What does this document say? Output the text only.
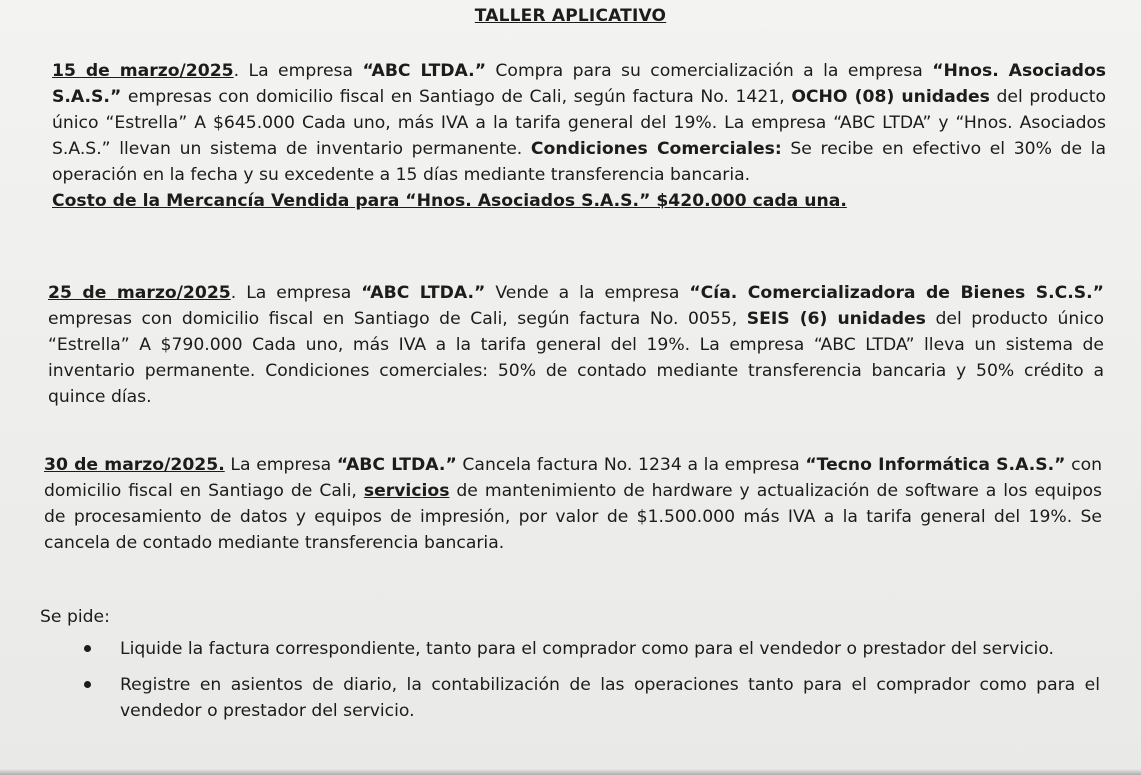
TALLER APLICATIVO
15 de marzo/2025. La empresa “ABC LTDA.” Compra para su comercialización a la empresa “Hnos. Asociados S.A.S.” empresas con domicilio fiscal en Santiago de Cali, según factura No. 1421, OCHO (08) unidades del producto único “Estrella” A $645.000 Cada uno, más IVA a la tarifa general del 19%. La empresa “ABC LTDA” y “Hnos. Asociados S.A.S.” llevan un sistema de inventario permanente. Condiciones Comerciales: Se recibe en efectivo el 30% de la operación en la fecha y su excedente a 15 días mediante transferencia bancaria.
Costo de la Mercancía Vendida para “Hnos. Asociados S.A.S.” $420.000 cada una.
25 de marzo/2025. La empresa “ABC LTDA.” Vende a la empresa “Cía. Comercializadora de Bienes S.C.S.” empresas con domicilio fiscal en Santiago de Cali, según factura No. 0055, SEIS (6) unidades del producto único “Estrella” A $790.000 Cada uno, más IVA a la tarifa general del 19%. La empresa “ABC LTDA” lleva un sistema de inventario permanente. Condiciones comerciales: 50% de contado mediante transferencia bancaria y 50% crédito a quince días.
30 de marzo/2025. La empresa “ABC LTDA.” Cancela factura No. 1234 a la empresa “Tecno Informática S.A.S.” con domicilio fiscal en Santiago de Cali, servicios de mantenimiento de hardware y actualización de software a los equipos de procesamiento de datos y equipos de impresión, por valor de $1.500.000 más IVA a la tarifa general del 19%. Se cancela de contado mediante transferencia bancaria.
Se pide:
Liquide la factura correspondiente, tanto para el comprador como para el vendedor o prestador del servicio.
Registre en asientos de diario, la contabilización de las operaciones tanto para el comprador como para el vendedor o prestador del servicio.
